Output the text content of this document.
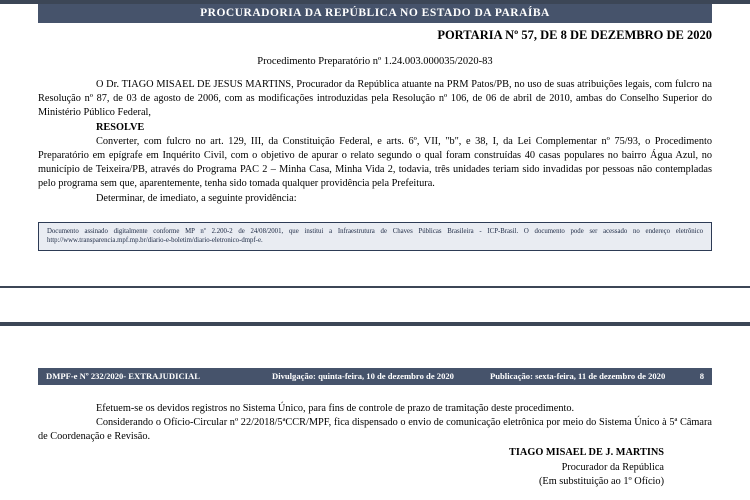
PROCURADORIA DA REPÚBLICA NO ESTADO DA PARAÍBA
PORTARIA Nº 57, DE 8 DE DEZEMBRO DE 2020
Procedimento Preparatório nº 1.24.003.000035/2020-83

O Dr. TIAGO MISAEL DE JESUS MARTINS, Procurador da República atuante na PRM Patos/PB, no uso de suas atribuições legais, com fulcro na Resolução nº 87, de 03 de agosto de 2006, com as modificações introduzidas pela Resolução nº 106, de 06 de abril de 2010, ambas do Conselho Superior do Ministério Público Federal,

RESOLVE

Converter, com fulcro no art. 129, III, da Constituição Federal, e arts. 6º, VII, "b", e 38, I, da Lei Complementar nº 75/93, o Procedimento Preparatório em epígrafe em Inquérito Civil, com o objetivo de apurar o relato segundo o qual foram construídas 40 casas populares no bairro Água Azul, no município de Teixeira/PB, através do Programa PAC 2 – Minha Casa, Minha Vida 2, todavia, três unidades teriam sido invadidas por pessoas não contempladas pelo programa sem que, aparentemente, tenha sido tomada qualquer providência pela Prefeitura.

Determinar, de imediato, a seguinte providência:

Documento assinado digitalmente conforme MP nº 2.200-2 de 24/08/2001, que institui a Infraestrutura de Chaves Públicas Brasileira - ICP-Brasil. O documento pode ser acessado no endereço eletrônico http://www.transparencia.mpf.mp.br/diario-e-boletim/diario-eletronico-dmpf-e.
DMPF-e Nº 232/2020- EXTRAJUDICIAL	Divulgação: quinta-feira, 10 de dezembro de 2020	Publicação: sexta-feira, 11 de dezembro de 2020	8

Efetuem-se os devidos registros no Sistema Único, para fins de controle de prazo de tramitação deste procedimento.

Considerando o Ofício-Circular nº 22/2018/5ªCCR/MPF, fica dispensado o envio de comunicação eletrônica por meio do Sistema Único à 5ª Câmara de Coordenação e Revisão.

TIAGO MISAEL DE J. MARTINS
Procurador da República
(Em substituição ao 1º Ofício)
